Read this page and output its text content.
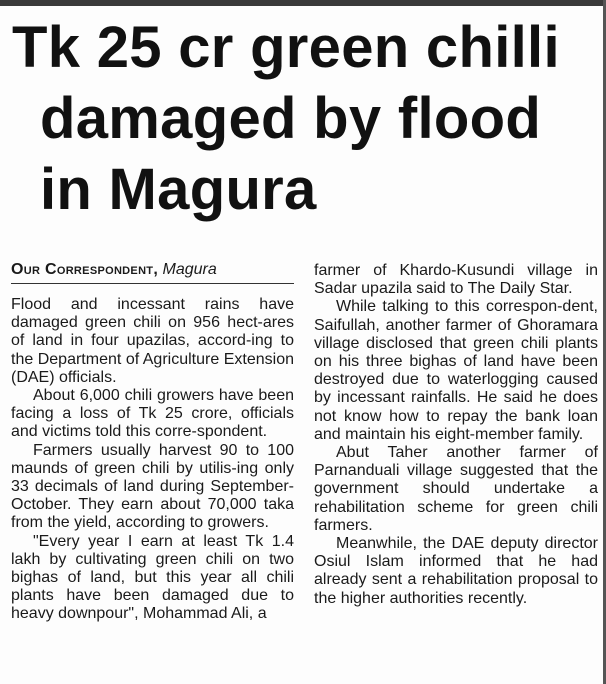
Tk 25 cr green chilli
damaged by flood
in Magura
Our Correspondent, Magura

Flood and incessant rains have damaged green chili on 956 hect-ares of land in four upazilas, accord-ing to the Department of Agriculture Extension (DAE) officials.

About 6,000 chili growers have been facing a loss of Tk 25 crore, officials and victims told this corre-spondent.

Farmers usually harvest 90 to 100 maunds of green chili by utilis-ing only 33 decimals of land during September-October. They earn about 70,000 taka from the yield, according to growers.

"Every year I earn at least Tk 1.4 lakh by cultivating green chili on two bighas of land, but this year all chili plants have been damaged due to heavy downpour", Mohammad Ali, a

farmer of Khardo-Kusundi village in Sadar upazila said to The Daily Star.

While talking to this correspon-dent, Saifullah, another farmer of Ghoramara village disclosed that green chili plants on his three bighas of land have been destroyed due to waterlogging caused by incessant rainfalls. He said he does not know how to repay the bank loan and maintain his eight-member family.

Abut Taher another farmer of Parnanduali village suggested that the government should undertake a rehabilitation scheme for green chili farmers.

Meanwhile, the DAE deputy director Osiul Islam informed that he had already sent a rehabilitation proposal to the higher authorities recently.
